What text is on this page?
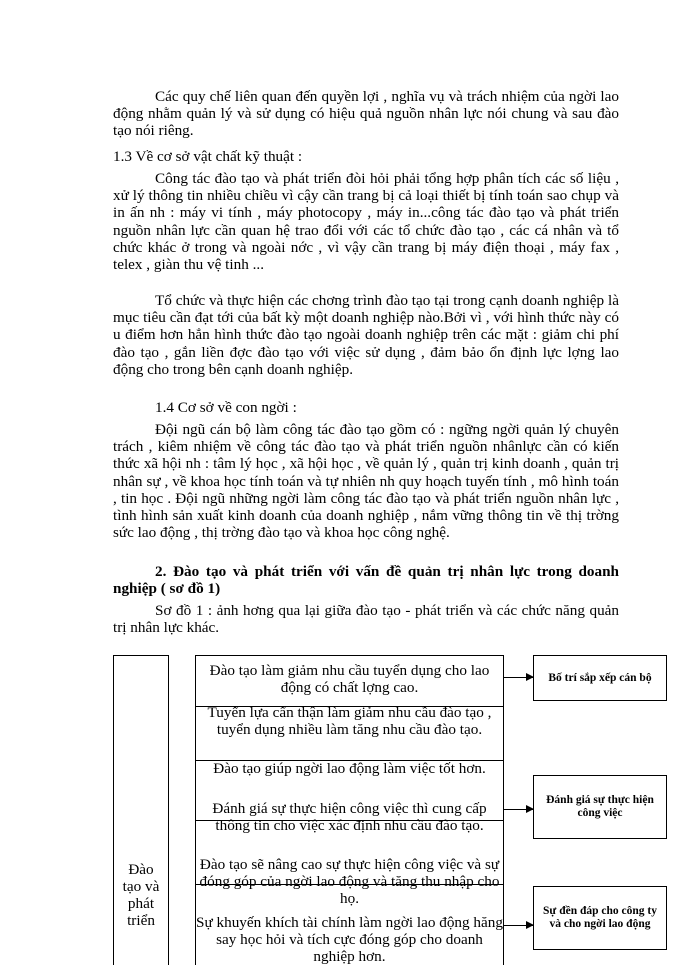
Các quy chế liên quan đến quyền lợi , nghĩa vụ và trách nhiệm của ngời lao động nhằm quản lý và sử dụng có hiệu quả nguồn nhân lực nói chung và sau đào tạo nói riêng.

1.3 Về cơ sở vật chất kỹ thuật :

Công tác đào tạo và phát triển đòi hỏi phải tổng hợp phân tích các số liệu , xử lý thông tin nhiều chiều vì cậy cần trang bị cả loại thiết bị tính toán sao chụp và in ấn nh : máy vi tính , máy photocopy , máy in...công tác đào tạo và phát triển nguồn nhân lực cần quan hệ trao đổi với các tổ chức đào tạo , các cá nhân và tổ chức khác ở trong và ngoài nớc , vì vậy cần trang bị máy điện thoại , máy fax , telex , giàn thu vệ tinh ...

Tổ chức và thực hiện các chơng trình đào tạo tại trong cạnh doanh nghiệp là mục tiêu cần đạt tới của bất kỳ một doanh nghiệp nào.Bởi vì , với hình thức này có u điểm hơn hẳn hình thức đào tạo ngoài doanh nghiệp trên các mặt : giảm chi phí đào tạo , gắn liền đợc đào tạo với việc sử dụng , đảm bảo ổn định lực lợng lao động cho trong bên cạnh doanh nghiệp.

1.4 Cơ sở về con ngời :

Đội ngũ cán bộ làm công tác đào tạo gồm có : ngững ngời quản lý chuyên trách , kiêm nhiệm về công tác đào tạo và phát triển nguồn nhânlực cần có kiến thức xã hội nh : tâm lý học , xã hội học , về quản lý , quản trị kinh doanh , quản trị nhân sự , về khoa học tính toán và tự nhiên nh quy hoạch tuyến tính , mô hình toán , tin học . Đội ngũ những ngời làm công tác đào tạo và phát triển nguồn nhân lực , tình hình sản xuất kinh doanh của doanh nghiệp , nắm vững thông tin về thị trờng sức lao động , thị trờng đào tạo và khoa học công nghệ.

2. Đào tạo và phát triển với vấn đề quản trị nhân lực trong doanh nghiệp ( sơ đồ 1)

Sơ đồ 1 : ảnh hơng qua lại giữa đào tạo - phát triển và các chức năng quản trị nhân lực khác.

Đào tạo và phát triển
Đào tạo làm giảm nhu cầu tuyển dụng cho lao động có chất lợng cao.
Tuyển lựa cẩn thận làm giảm nhu cầu đào tạo , tuyển dụng nhiều làm tăng nhu cầu đào tạo.
Đào tạo giúp ngời lao động làm việc tốt hơn.
Đánh giá sự thực hiện công việc thì cung cấp thông tin cho việc xác định nhu cầu đào tạo.
Đào tạo sẽ nâng cao sự thực hiện công việc và sự đóng góp của ngời lao động và tăng thu nhập cho họ.
Sự khuyến khích tài chính làm ngời lao động hăng say học hỏi và tích cực đóng góp cho doanh nghiệp hơn.
Bố trí sắp xếp cán bộ
Đánh giá sự thực hiện công việc
Sự đền đáp cho công ty và cho ngời lao động
